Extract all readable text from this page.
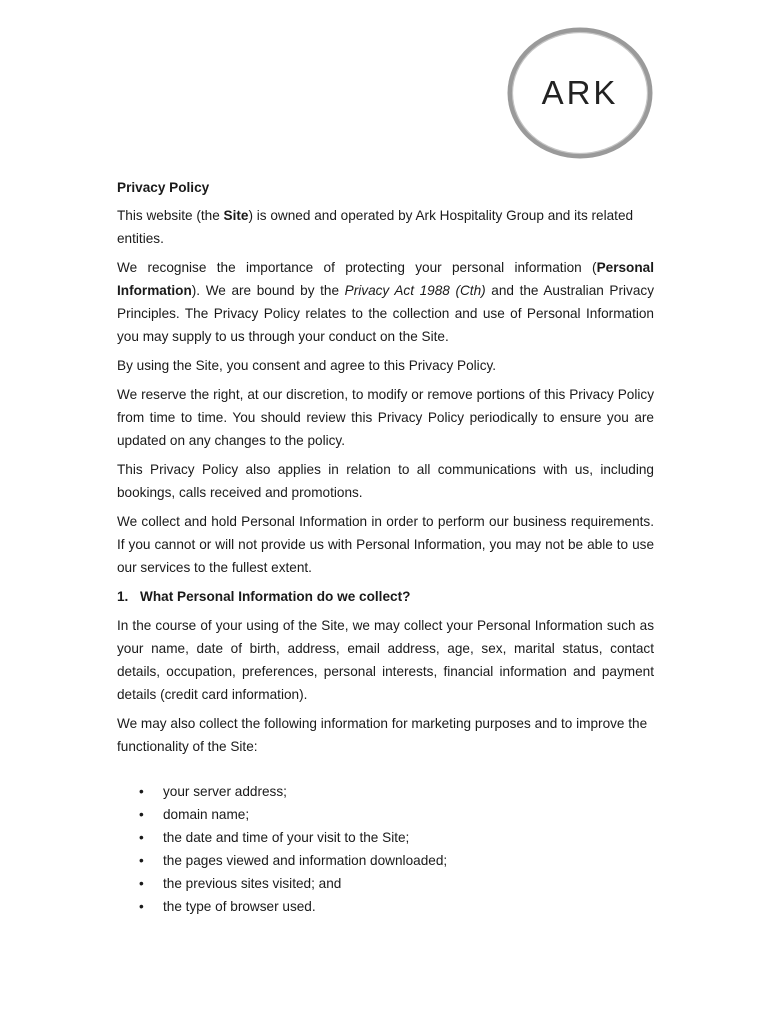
ARK

Privacy Policy

This website (the Site) is owned and operated by Ark Hospitality Group and its related entities.

We recognise the importance of protecting your personal information (Personal Information). We are bound by the Privacy Act 1988 (Cth) and the Australian Privacy Principles. The Privacy Policy relates to the collection and use of Personal Information you may supply to us through your conduct on the Site.

By using the Site, you consent and agree to this Privacy Policy.

We reserve the right, at our discretion, to modify or remove portions of this Privacy Policy from time to time. You should review this Privacy Policy periodically to ensure you are updated on any changes to the policy.

This Privacy Policy also applies in relation to all communications with us, including bookings, calls received and promotions.

We collect and hold Personal Information in order to perform our business requirements. If you cannot or will not provide us with Personal Information, you may not be able to use our services to the fullest extent.

1. What Personal Information do we collect?

In the course of your using of the Site, we may collect your Personal Information such as your name, date of birth, address, email address, age, sex, marital status, contact details, occupation, preferences, personal interests, financial information and payment details (credit card information).

We may also collect the following information for marketing purposes and to improve the functionality of the Site:

• your server address;
• domain name;
• the date and time of your visit to the Site;
• the pages viewed and information downloaded;
• the previous sites visited; and
• the type of browser used.
